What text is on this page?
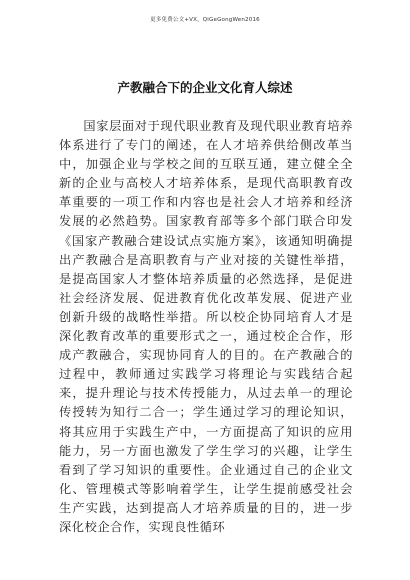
更多免费公文+VX，QiGeGongWen2016
产教融合下的企业文化育人综述

国家层面对于现代职业教育及现代职业教育培养体系进行了专门的阐述，在人才培养供给侧改革当中，加强企业与学校之间的互联互通，建立健全全新的企业与高校人才培养体系，是现代高职教育改革重要的一项工作和内容也是社会人才培养和经济发展的必然趋势。国家教育部等多个部门联合印发《国家产教融合建设试点实施方案》，该通知明确提出产教融合是高职教育与产业对接的关键性举措，是提高国家人才整体培养质量的必然选择，是促进社会经济发展、促进教育优化改革发展、促进产业创新升级的战略性举措。所以校企协同培育人才是深化教育改革的重要形式之一，通过校企合作，形成产教融合，实现协同育人的目的。在产教融合的过程中，教师通过实践学习将理论与实践结合起来，提升理论与技术传授能力，从过去单一的理论传授转为知行二合一；学生通过学习的理论知识，将其应用于实践生产中，一方面提高了知识的应用能力，另一方面也激发了学生学习的兴趣，让学生看到了学习知识的重要性。企业通过自己的企业文化、管理模式等影响着学生，让学生提前感受社会生产实践，达到提高人才培养质量的目的，进一步深化校企合作，实现良性循环
